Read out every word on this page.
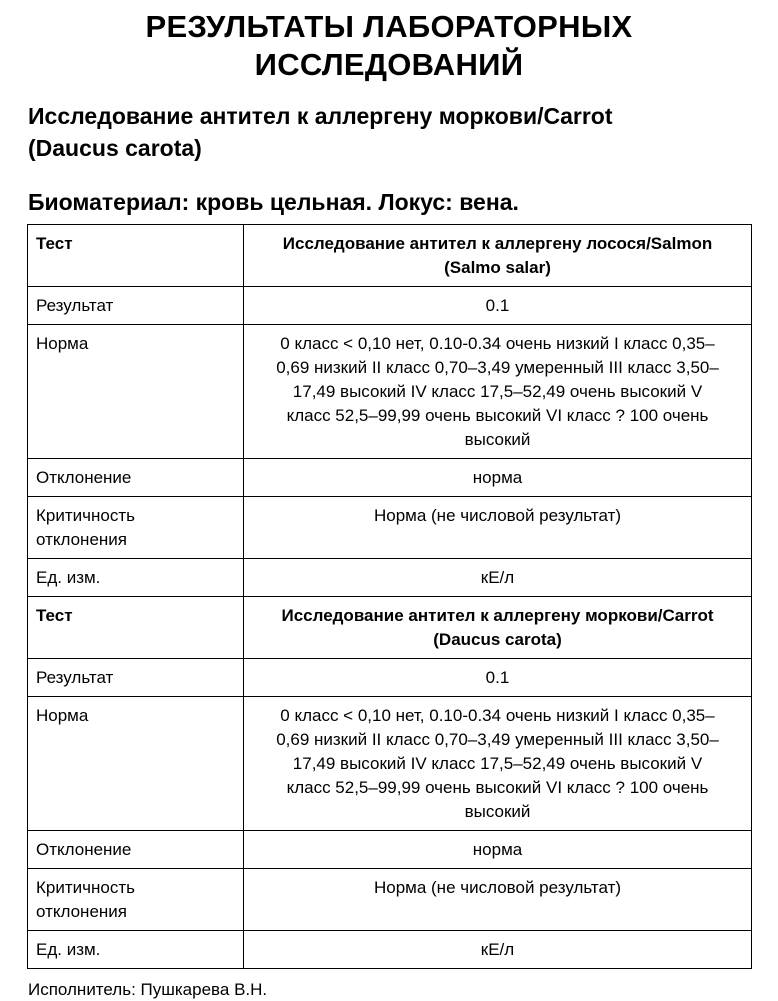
РЕЗУЛЬТАТЫ ЛАБОРАТОРНЫХ
ИССЛЕДОВАНИЙ
Исследование антител к аллергену моркови/Carrot
(Daucus carota)
Биоматериал: кровь цельная. Локус: вена.
Тест	Исследование антител к аллергену лосося/Salmon
(Salmo salar)

Результат	0.1
Норма	0 класс < 0,10 нет, 0.10-0.34 очень низкий I класс 0,35–
0,69 низкий II класс 0,70–3,49 умеренный III класс 3,50–
17,49 высокий IV класс 17,5–52,49 очень высокий V
класс 52,5–99,99 очень высокий VI класс ? 100 очень
высокий

Отклонение	норма

Критичность
отклонения	Норма (не числовой результат)
Ед. изм.	кЕ/л
Тест	Исследование антител к аллергену моркови/Carrot
(Daucus carota)

Результат	0.1
Норма	0 класс < 0,10 нет, 0.10-0.34 очень низкий I класс 0,35–
0,69 низкий II класс 0,70–3,49 умеренный III класс 3,50–
17,49 высокий IV класс 17,5–52,49 очень высокий V
класс 52,5–99,99 очень высокий VI класс ? 100 очень
высокий

Отклонение	норма

Критичность
отклонения	Норма (не числовой результат)
Ед. изм.	кЕ/л
Исполнитель: Пушкарева В.Н.
